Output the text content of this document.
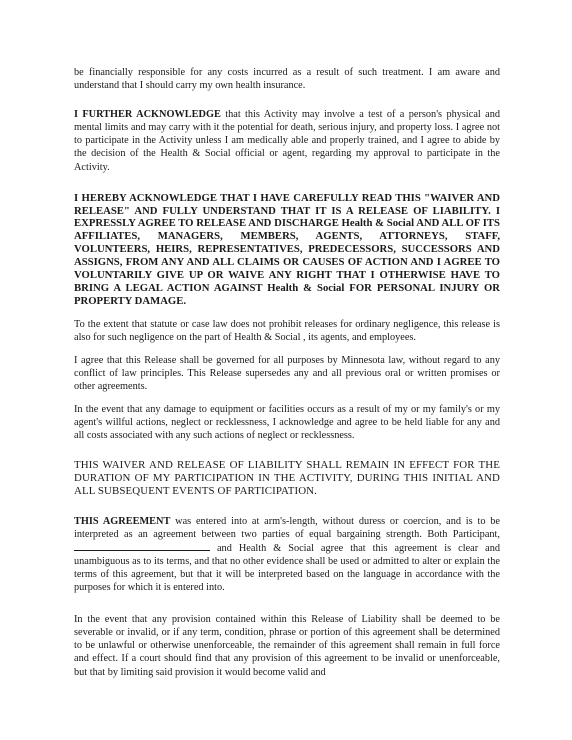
be financially responsible for any costs incurred as a result of such treatment. I am aware and understand that I should carry my own health insurance.

I FURTHER ACKNOWLEDGE that this Activity may involve a test of a person's physical and mental limits and may carry with it the potential for death, serious injury, and property loss. I agree not to participate in the Activity unless I am medically able and properly trained, and I agree to abide by the decision of the Health & Social official or agent, regarding my approval to participate in the Activity.

I HEREBY ACKNOWLEDGE THAT I HAVE CAREFULLY READ THIS "WAIVER AND RELEASE" AND FULLY UNDERSTAND THAT IT IS A RELEASE OF LIABILITY. I EXPRESSLY AGREE TO RELEASE AND DISCHARGE Health & Social AND ALL OF ITS AFFILIATES, MANAGERS, MEMBERS, AGENTS, ATTORNEYS, STAFF, VOLUNTEERS, HEIRS, REPRESENTATIVES, PREDECESSORS, SUCCESSORS AND ASSIGNS, FROM ANY AND ALL CLAIMS OR CAUSES OF ACTION AND I AGREE TO VOLUNTARILY GIVE UP OR WAIVE ANY RIGHT THAT I OTHERWISE HAVE TO BRING A LEGAL ACTION AGAINST Health & Social FOR PERSONAL INJURY OR PROPERTY DAMAGE.

To the extent that statute or case law does not prohibit releases for ordinary negligence, this release is also for such negligence on the part of Health & Social , its agents, and employees.

I agree that this Release shall be governed for all purposes by Minnesota law, without regard to any conflict of law principles. This Release supersedes any and all previous oral or written promises or other agreements.

In the event that any damage to equipment or facilities occurs as a result of my or my family's or my agent's willful actions, neglect or recklessness, I acknowledge and agree to be held liable for any and all costs associated with any such actions of neglect or recklessness.

THIS WAIVER AND RELEASE OF LIABILITY SHALL REMAIN IN EFFECT FOR THE DURATION OF MY PARTICIPATION IN THE ACTIVITY, DURING THIS INITIAL AND ALL SUBSEQUENT EVENTS OF PARTICIPATION.

THIS AGREEMENT was entered into at arm's-length, without duress or coercion, and is to be interpreted as an agreement between two parties of equal bargaining strength. Both Participant,  and Health & Social agree that this agreement is clear and unambiguous as to its terms, and that no other evidence shall be used or admitted to alter or explain the terms of this agreement, but that it will be interpreted based on the language in accordance with the purposes for which it is entered into.

In the event that any provision contained within this Release of Liability shall be deemed to be severable or invalid, or if any term, condition, phrase or portion of this agreement shall be determined to be unlawful or otherwise unenforceable, the remainder of this agreement shall remain in full force and effect. If a court should find that any provision of this agreement to be invalid or unenforceable, but that by limiting said provision it would become valid and
